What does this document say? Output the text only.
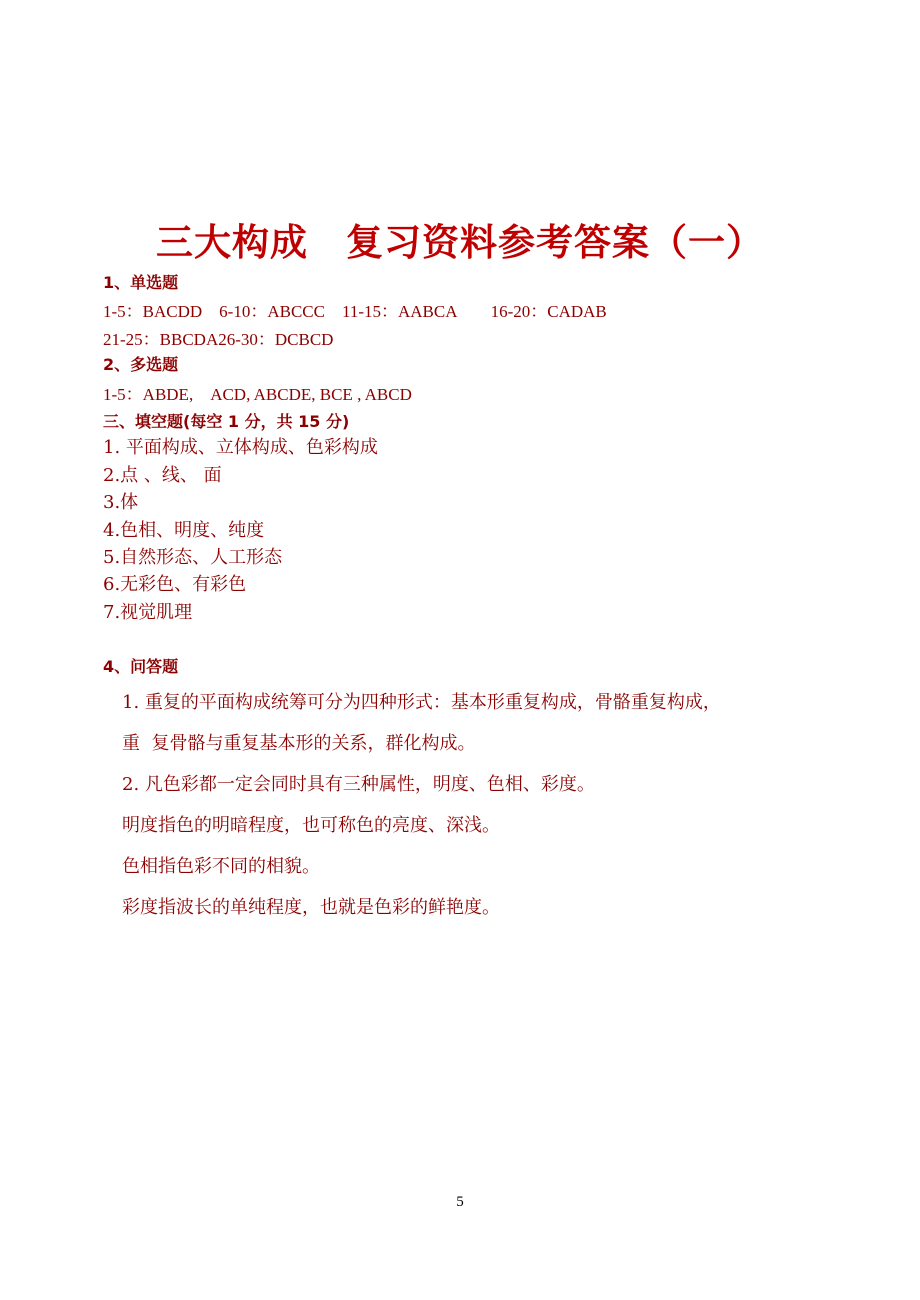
三大构成　复习资料参考答案（一）
1、单选题
1-5：BACDD　6-10：ABCCC　11-15：AABCA　　16-20：CADAB
21-25：BBCDA26-30：DCBCD
2、多选题
1-5：ABDE,　ACD, ABCDE, BCE , ABCD
三、填空题(每空 1 分，共 15 分)
1. 平面构成、立体构成、色彩构成
2.点 、线、 面
3.体
4.色相、明度、纯度
5.自然形态、人工形态
6.无彩色、有彩色
7.视觉肌理
4、问答题
1. 重复的平面构成统筹可分为四种形式：基本形重复构成，骨骼重复构成，
重  复骨骼与重复基本形的关系，群化构成。
2. 凡色彩都一定会同时具有三种属性，明度、色相、彩度。
明度指色的明暗程度，也可称色的亮度、深浅。
色相指色彩不同的相貌。
彩度指波长的单纯程度，也就是色彩的鲜艳度。
5
